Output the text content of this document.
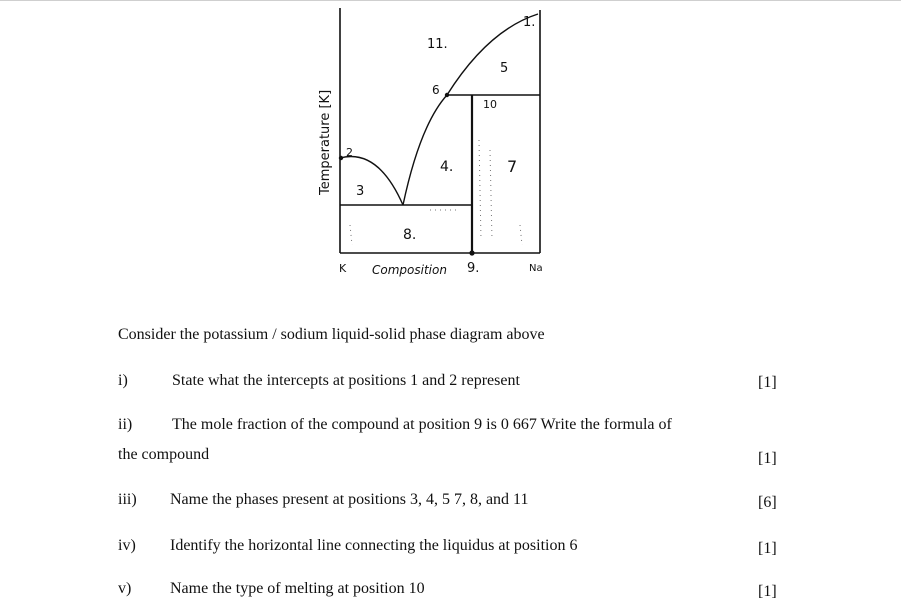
1.
2
3
4.
5
6
7
8.
9.
10
11.
Temperature [K]
Composition
K	Na
Consider the potassium / sodium liquid-solid phase diagram above
i)	State what the intercepts at positions 1 and 2 represent	[1]
ii) The mole fraction of the compound at position 9 is 0 667 Write the formula of
the compound	[1]
iii) Name the phases present at positions 3, 4, 5 7, 8, and 11	[6]
iv) Identify the horizontal line connecting the liquidus at position 6	[1]
v) Name the type of melting at position 10	[1]
